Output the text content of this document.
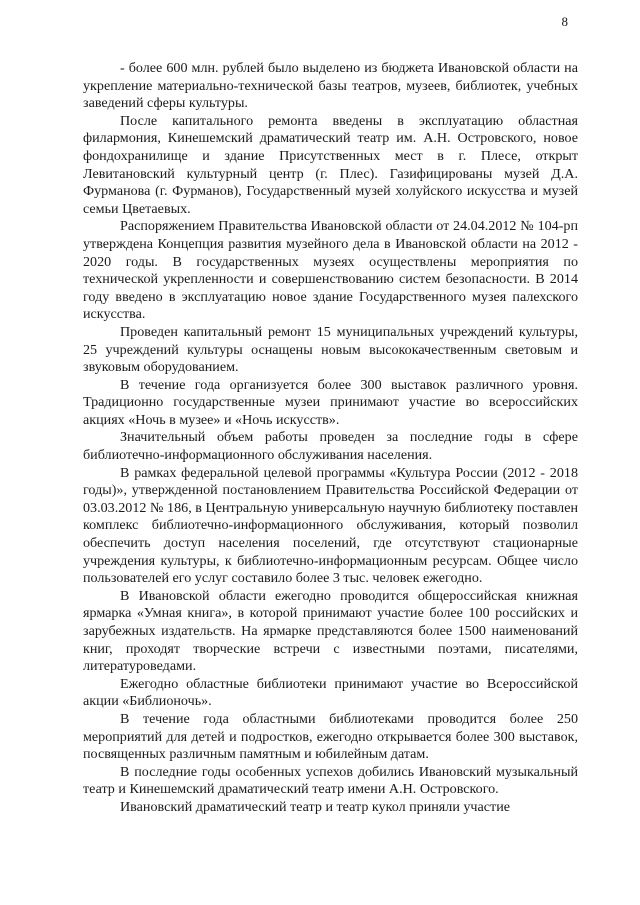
8

- более 600 млн. рублей было выделено из бюджета Ивановской области на укрепление материально-технической базы театров, музеев, библиотек, учебных заведений сферы культуры.

После капитального ремонта введены в эксплуатацию областная филармония, Кинешемский драматический театр им. А.Н. Островского, новое фондохранилище и здание Присутственных мест в г. Плесе, открыт Левитановский культурный центр (г. Плес). Газифицированы музей Д.А. Фурманова (г. Фурманов), Государственный музей холуйского искусства и музей семьи Цветаевых.

Распоряжением Правительства Ивановской области от 24.04.2012 № 104-рп утверждена Концепция развития музейного дела в Ивановской области на 2012 - 2020 годы. В государственных музеях осуществлены мероприятия по технической укрепленности и совершенствованию систем безопасности. В 2014 году введено в эксплуатацию новое здание Государственного музея палехского искусства.

Проведен капитальный ремонт 15 муниципальных учреждений культуры, 25 учреждений культуры оснащены новым высококачественным световым и звуковым оборудованием.

В течение года организуется более 300 выставок различного уровня. Традиционно государственные музеи принимают участие во всероссийских акциях «Ночь в музее» и «Ночь искусств».

Значительный объем работы проведен за последние годы в сфере библиотечно-информационного обслуживания населения.

В рамках федеральной целевой программы «Культура России (2012 - 2018 годы)», утвержденной постановлением Правительства Российской Федерации от 03.03.2012 № 186, в Центральную универсальную научную библиотеку поставлен комплекс библиотечно-информационного обслуживания, который позволил обеспечить доступ населения поселений, где отсутствуют стационарные учреждения культуры, к библиотечно-информационным ресурсам. Общее число пользователей его услуг составило более 3 тыс. человек ежегодно.

В Ивановской области ежегодно проводится общероссийская книжная ярмарка «Умная книга», в которой принимают участие более 100 российских и зарубежных издательств. На ярмарке представляются более 1500 наименований книг, проходят творческие встречи с известными поэтами, писателями, литературоведами.

Ежегодно областные библиотеки принимают участие во Всероссийской акции «Библионочь».

В течение года областными библиотеками проводится более 250 мероприятий для детей и подростков, ежегодно открывается более 300 выставок, посвященных различным памятным и юбилейным датам.

В последние годы особенных успехов добились Ивановский музыкальный театр и Кинешемский драматический театр имени А.Н. Островского.

Ивановский драматический театр и театр кукол приняли участие
